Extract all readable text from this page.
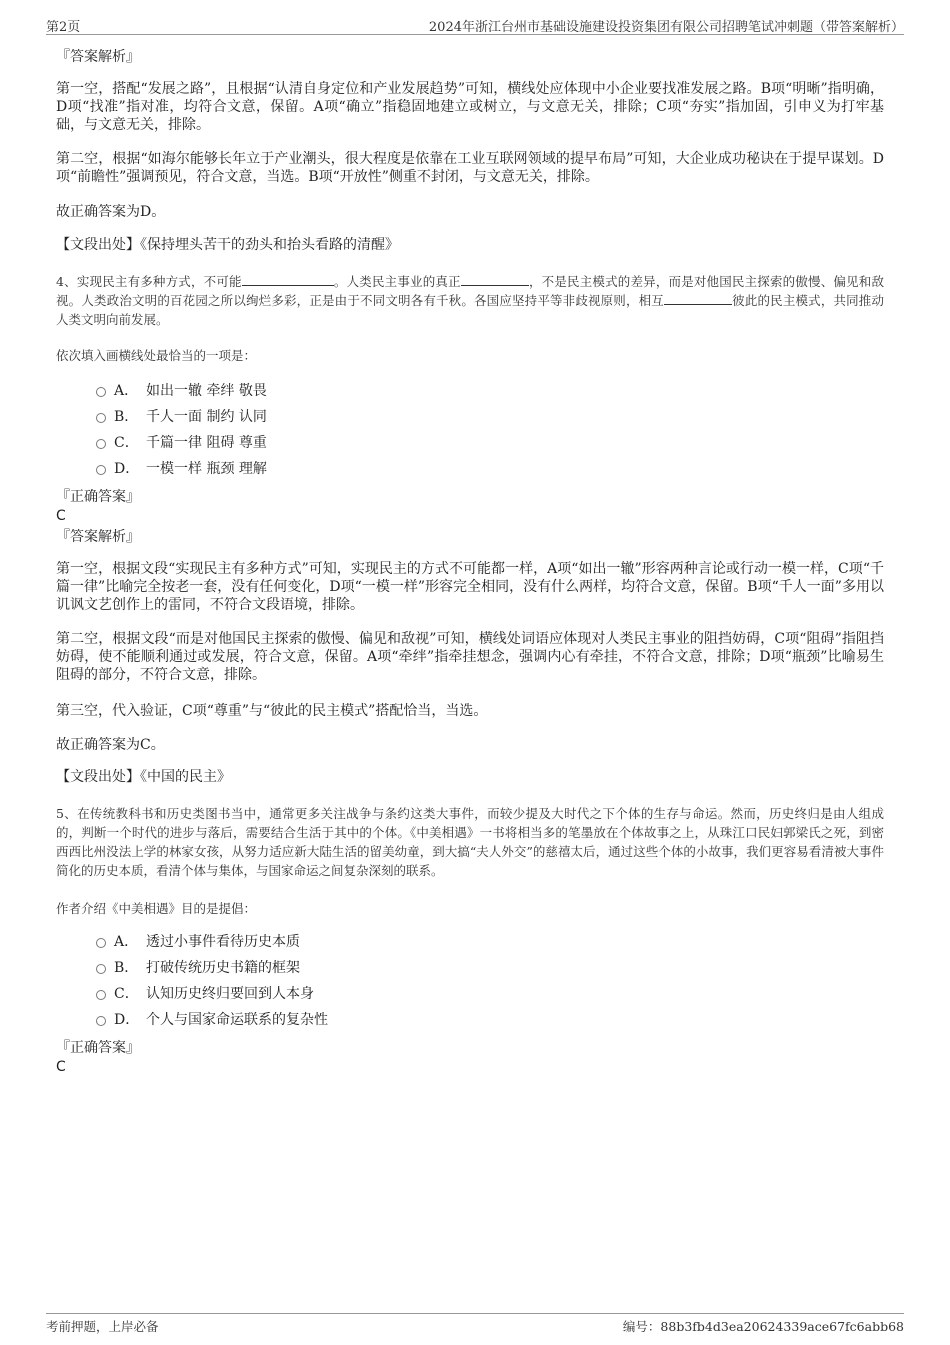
第2页	2024年浙江台州市基础设施建设投资集团有限公司招聘笔试冲刺题（带答案解析）
『答案解析』
第一空，搭配“发展之路”，且根据“认清自身定位和产业发展趋势”可知，横线处应体现中小企业要找准发展之路。B项“明晰”指明确，D项“找准”指对准，均符合文意，保留。A项“确立”指稳固地建立或树立，与文意无关，排除；C项“夯实”指加固，引申义为打牢基础，与文意无关，排除。
第二空，根据“如海尔能够长年立于产业潮头，很大程度是依靠在工业互联网领域的提早布局”可知，大企业成功秘诀在于提早谋划。D项“前瞻性”强调预见，符合文意，当选。B项“开放性”侧重不封闭，与文意无关，排除。
故正确答案为D。
【文段出处】《保持埋头苦干的劲头和抬头看路的清醒》
4、实现民主有多种方式，不可能	。人类民主事业的真正	，不是民主模式的差异，而是对他国民主探索的傲慢、偏见和敌视。人类政治文明的百花园之所以绚烂多彩，正是由于不同文明各有千秋。各国应坚持平等非歧视原则，相互	彼此的民主模式，共同推动人类文明向前发展。
依次填入画横线处最恰当的一项是：
A． 如出一辙 牵绊 敬畏
B． 千人一面 制约 认同
C． 千篇一律 阻碍 尊重
D． 一模一样 瓶颈 理解
『正确答案』
C
『答案解析』
第一空，根据文段“实现民主有多种方式”可知，实现民主的方式不可能都一样，A项“如出一辙”形容两种言论或行动一模一样，C项“千篇一律”比喻完全按老一套，没有任何变化，D项“一模一样”形容完全相同，没有什么两样，均符合文意，保留。B项“千人一面”多用以讥讽文艺创作上的雷同，不符合文段语境，排除。
第二空，根据文段“而是对他国民主探索的傲慢、偏见和敌视”可知，横线处词语应体现对人类民主事业的阻挡妨碍，C项“阻碍”指阻挡妨碍，使不能顺利通过或发展，符合文意，保留。A项“牵绊”指牵挂想念，强调内心有牵挂，不符合文意，排除；D项“瓶颈”比喻易生阻碍的部分，不符合文意，排除。
第三空，代入验证，C项“尊重”与“彼此的民主模式”搭配恰当，当选。
故正确答案为C。
【文段出处】《中国的民主》
5、在传统教科书和历史类图书当中，通常更多关注战争与条约这类大事件，而较少提及大时代之下个体的生存与命运。然而，历史终归是由人组成的，判断一个时代的进步与落后，需要结合生活于其中的个体。《中美相遇》一书将相当多的笔墨放在个体故事之上，从珠江口民妇郭梁氏之死，到密西西比州没法上学的林家女孩，从努力适应新大陆生活的留美幼童，到大搞“夫人外交”的慈禧太后，通过这些个体的小故事，我们更容易看清被大事件简化的历史本质，看清个体与集体，与国家命运之间复杂深刻的联系。
作者介绍《中美相遇》目的是提倡：
A． 透过小事件看待历史本质
B． 打破传统历史书籍的框架
C． 认知历史终归要回到人本身
D． 个人与国家命运联系的复杂性
『正确答案』
C
考前押题，上岸必备	编号：88b3fb4d3ea20624339ace67fc6abb68
